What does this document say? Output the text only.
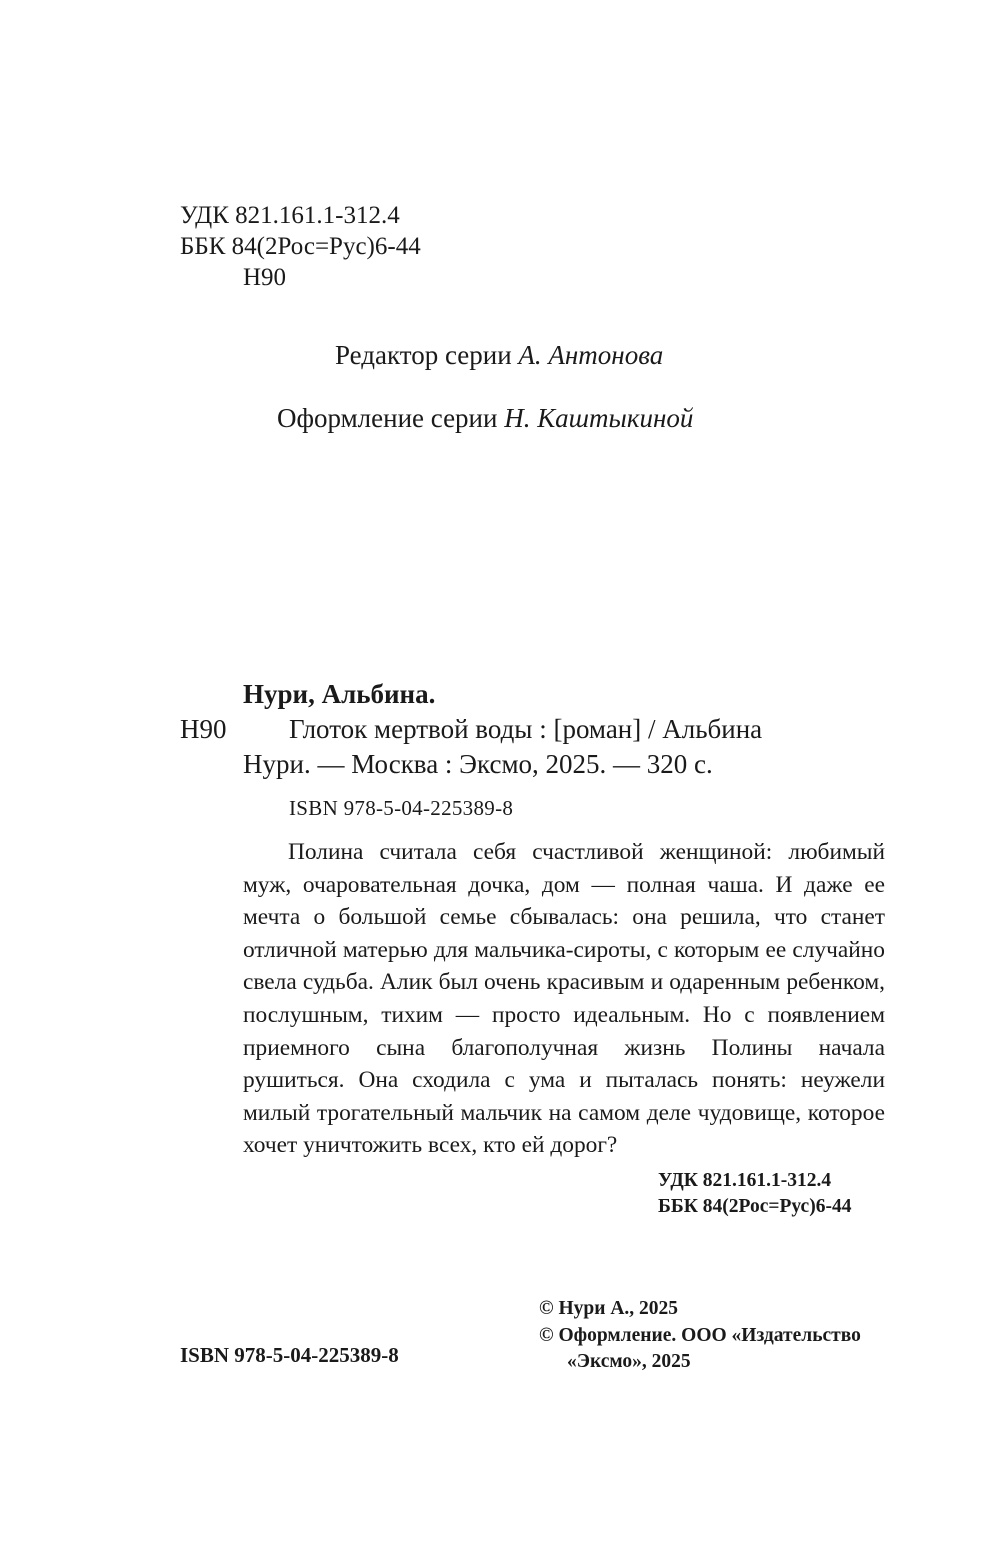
УДК 821.161.1-312.4
ББК 84(2Рос=Рус)6-44
Н90
Редактор серии А. Антонова
Оформление серии Н. Каштыкиной
Нури, Альбина.
Н90 Глоток мертвой воды : [роман] / Альбина
Нури. — Москва : Эксмо, 2025. — 320 с.
ISBN 978-5-04-225389-8

Полина считала себя счастливой женщиной: любимый муж, очаровательная дочка, дом — полная чаша. И даже ее мечта о большой семье сбывалась: она решила, что станет отличной матерью для мальчика-сироты, с которым ее случайно свела судьба. Алик был очень красивым и одаренным ребенком, послушным, тихим — просто идеальным. Но с появлением приемного сына благополучная жизнь Полины начала рушиться. Она сходила с ума и пыталась понять: неужели милый трогательный мальчик на самом деле чудовище, которое хочет уничтожить всех, кто ей дорог?

УДК 821.161.1-312.4
ББК 84(2Рос=Рус)6-44
© Нури А., 2025
© Оформление. ООО «Издательство
«Эксмо», 2025
ISBN 978-5-04-225389-8
